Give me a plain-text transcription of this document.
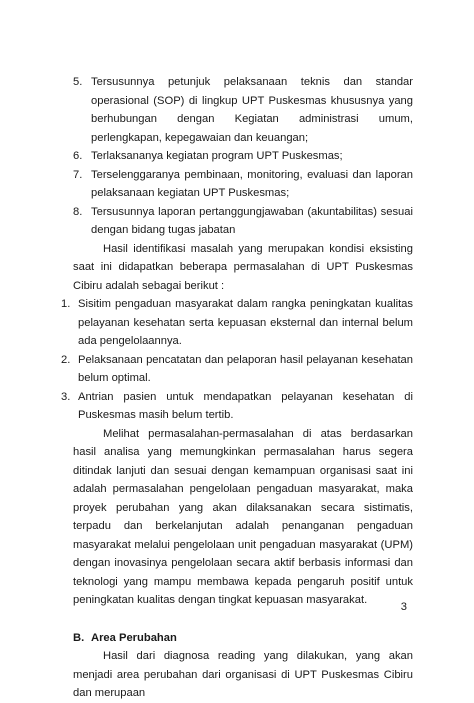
5. Tersusunnya petunjuk pelaksanaan teknis dan standar operasional (SOP) di lingkup UPT Puskesmas khususnya yang berhubungan dengan Kegiatan administrasi umum, perlengkapan, kepegawaian dan keuangan;
6. Terlaksananya kegiatan program UPT Puskesmas;
7. Terselenggaranya pembinaan, monitoring, evaluasi dan laporan pelaksanaan kegiatan UPT Puskesmas;
8. Tersusunnya laporan pertanggungjawaban (akuntabilitas) sesuai dengan bidang tugas jabatan
Hasil identifikasi masalah yang merupakan kondisi eksisting saat ini didapatkan beberapa permasalahan di UPT Puskesmas Cibiru adalah sebagai berikut :
1. Sisitim pengaduan masyarakat dalam rangka peningkatan kualitas pelayanan kesehatan serta kepuasan eksternal dan internal belum ada pengelolaannya.
2. Pelaksanaan pencatatan dan pelaporan hasil pelayanan kesehatan belum optimal.
3. Antrian pasien untuk mendapatkan pelayanan kesehatan di Puskesmas masih belum tertib.
Melihat permasalahan-permasalahan di atas berdasarkan hasil analisa yang memungkinkan permasalahan harus segera ditindak lanjuti dan sesuai dengan kemampuan organisasi saat ini adalah permasalahan pengelolaan pengaduan masyarakat, maka proyek perubahan yang akan dilaksanakan secara sistimatis, terpadu dan berkelanjutan adalah penanganan pengaduan masyarakat melalui pengelolaan unit pengaduan masyarakat (UPM) dengan inovasinya pengelolaan secara aktif berbasis informasi dan teknologi yang mampu membawa kepada pengaruh positif untuk peningkatan kualitas dengan tingkat kepuasan masyarakat.
B. Area Perubahan
Hasil dari diagnosa reading yang dilakukan, yang akan menjadi area perubahan dari organisasi di UPT Puskesmas Cibiru dan merupaan
3
